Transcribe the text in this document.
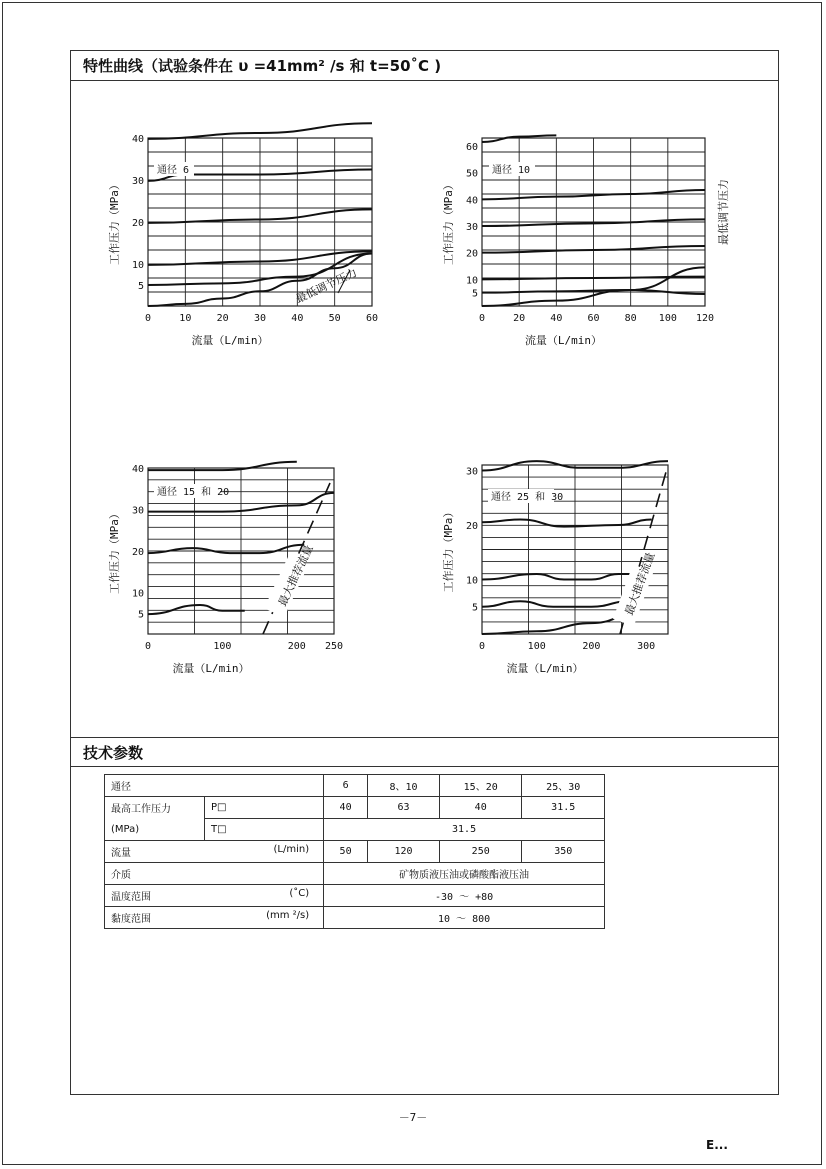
特性曲线（试验条件在 υ =41mm² /s 和 t=50˚C )
技术参数
通径 6
0	10	20	30	40	50	60
5
10
20
30
40
流量（L/min）
工作压力（MPa）
最低调节压力
通径 10
0	20	40	60	80 100 120
5
10
20
30
40
50
60
流量（L/min）
工作压力（MPa）	最低调节压力
通径 15 和 20
0	100	200 250
5
10
20
30
40
流量（L/min）
工作压力（MPa）	最大推荐流量
通径 25 和 30
0	100	200	300
5
10
20
30
流量（L/min）
工作压力（MPa）	最大推荐流量
通径		6	8、10	15、20	25、30
最高工作压力	P□	40	63	40	31.5
(MPa)	T□	31.5			
流量 (L/min)		50	120	250	350
介质		矿物质液压油或磷酸酯液压油			
温度范围 (˚C)		-30 ～ +80			
黏度范围 (mm ²/s)		10 ～ 800			
－7－
E...
